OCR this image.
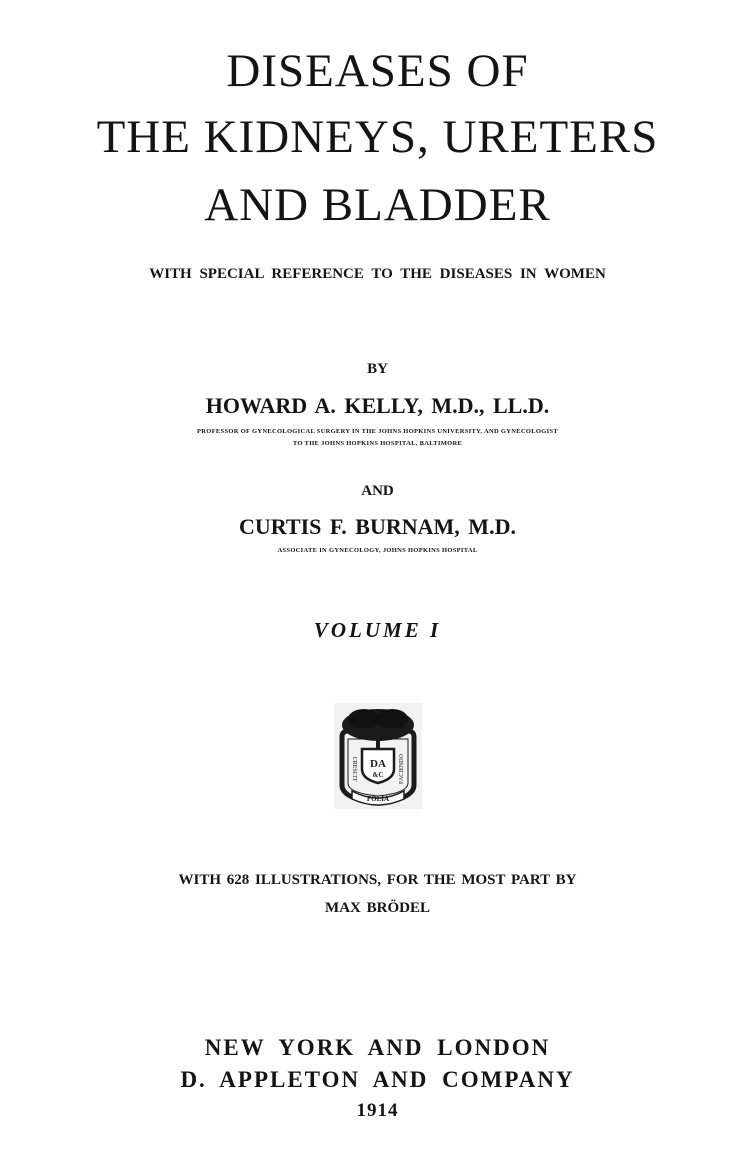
DISEASES OF
THE KIDNEYS, URETERS
AND BLADDER
WITH SPECIAL REFERENCE TO THE DISEASES IN WOMEN
BY
HOWARD A. KELLY, M.D., LL.D.
PROFESSOR OF GYNECOLOGICAL SURGERY IN THE JOHNS HOPKINS UNIVERSITY, AND GYNECOLOGIST
TO THE JOHNS HOPKINS HOSPITAL, BALTIMORE
AND
CURTIS F. BURNAM, M.D.
ASSOCIATE IN GYNECOLOGY, JOHNS HOPKINS HOSPITAL
VOLUME I
DA
&C
CRESCIT	FACIENDO
FOLIA
WITH 628 ILLUSTRATIONS, FOR THE MOST PART BY
MAX BRÖDEL
NEW YORK AND LONDON
D. APPLETON AND COMPANY
1914
